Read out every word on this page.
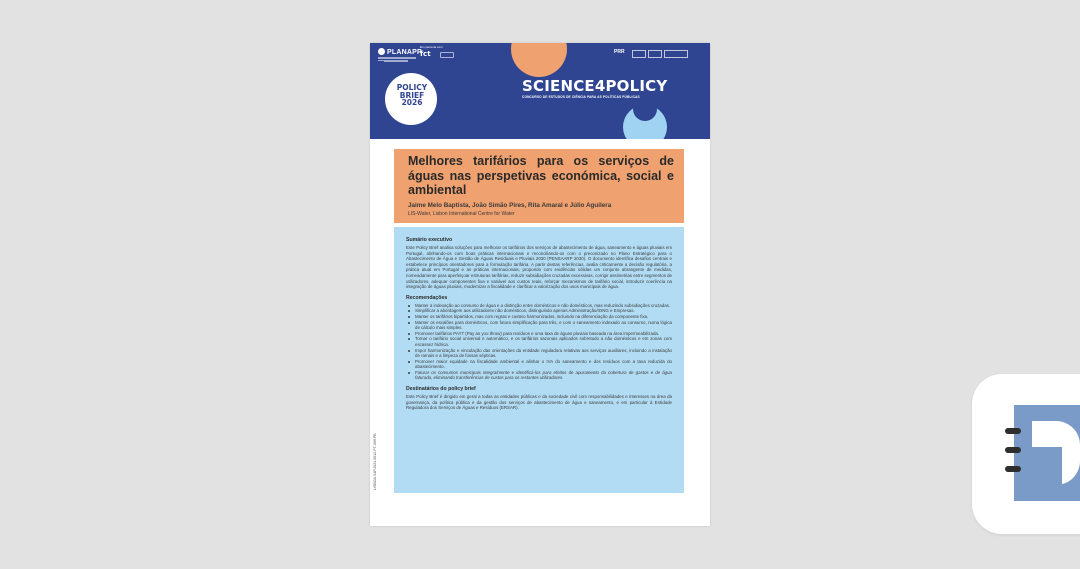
PLANAPP
Em parceria com
fct
POLICY
BRIEF
2026
SCIENCE4POLICY
CONCURSO DE ESTUDOS DE CIÊNCIA PARA AS POLÍTICAS PÚBLICAS
PRR
Melhores tarifários para os serviços de águas nas perspetivas económica, social e ambiental
Jaime Melo Baptista, João Simão Pires, Rita Amaral e Júlio Aguilera
LIS-Water, Lisbon International Centre for Water
Sumário executivo

Este Policy Brief analisa soluções para melhorar os tarifários dos serviços de abastecimento de água, saneamento e águas pluviais em Portugal, alinhando-os com boas práticas internacionais e reconciliando-os com o preconizado no Plano Estratégico para o Abastecimento de Água e Gestão de Águas Residuais e Pluviais 2030 (PENSAARP 2030). O documento identifica desafios centrais e estabelece princípios orientadores para a formulação tarifária. A partir destas referências, avalia criticamente a decisão regulatória, a prática atual em Portugal e as práticas internacionais, propondo com evidências sólidas um conjunto abrangente de medidas, nomeadamente para aperfeiçoar estruturas tarifárias, reduzir subsidiações cruzadas excessivas, corrigir assimetrias entre segmentos de utilizadores, adequar componentes fixa e variável aos custos reais, reforçar mecanismos de tarifário social, introduzir coerência na integração de águas pluviais, modernizar a fiscalidade e clarificar a valorização dos usos municipais de água.

Recomendações
Manter a indexação ao consumo de água e a distinção entre domésticos e não domésticos, mas reduzindo subsidiações cruzadas.
Simplificar a abordagem aos utilizadores não domésticos, distinguindo apenas Administração/IONG e Empresas.
Manter os tarifários bipartidos, mas com regras e custeio harmonizados, incluindo na diferenciação da componente fixa.
Manter os escalões para domésticos, com futura simplificação para três, e com o saneamento indexado ao consumo, numa lógica de cálculo mais simples.
Promover tarifários PAYT (Pay as you throw) para resíduos e uma taxa de águas pluviais baseada na área impermeabilizada.
Tornar o tarifário social universal e automático, e os tarifários sazonais aplicados sobretudo a não domésticos e em zonas com escassez hídrica.
Impor harmonização e vinculação das orientações da entidade reguladora relativas aos serviços auxiliares, incluindo a instalação de ramais e a limpeza de fossas sépticas.
Promover maior equidade na fiscalidade ambiental e alinhar o IVA do saneamento e dos resíduos com a taxa reduzida do abastecimento.
Faturar os consumos municipais integralmente e identificá-los para efeitos de apuramento da cobertura de gastos e de água faturada, eliminando transferências de custos para os restantes utilizadores.
Destinatários do policy brief

Este Policy Brief é dirigido em geral a todas as entidades públicas e da sociedade civil com responsabilidades e interesses na área da governança, da política pública e da gestão dos serviços de abastecimento de água e saneamento, e em particular à Entidade Reguladora dos Serviços de Águas e Resíduos (ERSAR).

LISBOA.S4P.2024.0012.PT-009.PB
